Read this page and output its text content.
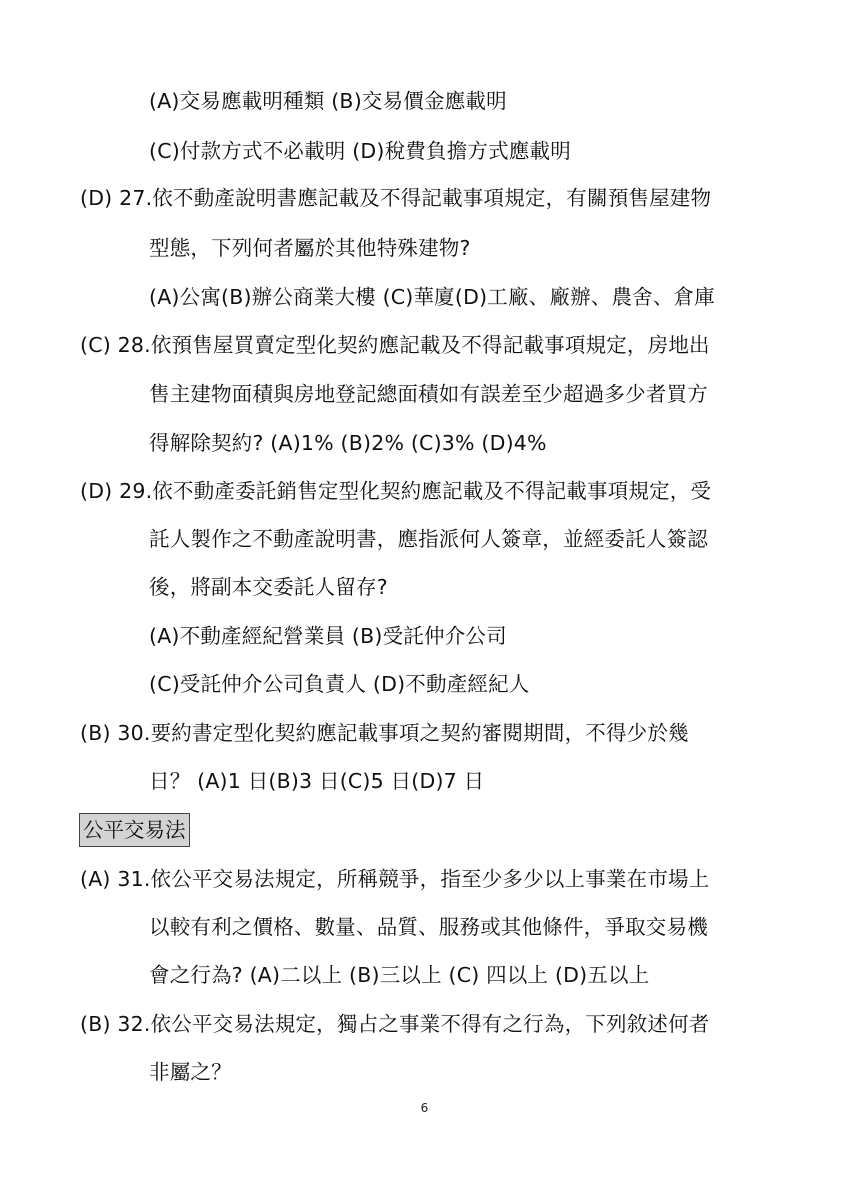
(A)交易應載明種類 (B)交易價金應載明
(C)付款方式不必載明 (D)稅費負擔方式應載明
(D) 27.依不動產說明書應記載及不得記載事項規定，有關預售屋建物
型態，下列何者屬於其他特殊建物?
(A)公寓(B)辦公商業大樓 (C)華廈(D)工廠、廠辦、農舍、倉庫
(C) 28.依預售屋買賣定型化契約應記載及不得記載事項規定，房地出
售主建物面積與房地登記總面積如有誤差至少超過多少者買方
得解除契約? (A)1% (B)2% (C)3% (D)4%
(D) 29.依不動產委託銷售定型化契約應記載及不得記載事項規定，受
託人製作之不動產說明書，應指派何人簽章，並經委託人簽認
後，將副本交委託人留存?
(A)不動產經紀營業員 (B)受託仲介公司
(C)受託仲介公司負責人 (D)不動產經紀人
(B) 30.要約書定型化契約應記載事項之契約審閱期間，不得少於幾
日？ (A)1 日(B)3 日(C)5 日(D)7 日
公平交易法
(A) 31.依公平交易法規定，所稱競爭，指至少多少以上事業在市場上
以較有利之價格、數量、品質、服務或其他條件，爭取交易機
會之行為? (A)二以上 (B)三以上 (C) 四以上 (D)五以上
(B) 32.依公平交易法規定，獨占之事業不得有之行為，下列敘述何者
非屬之？
6
